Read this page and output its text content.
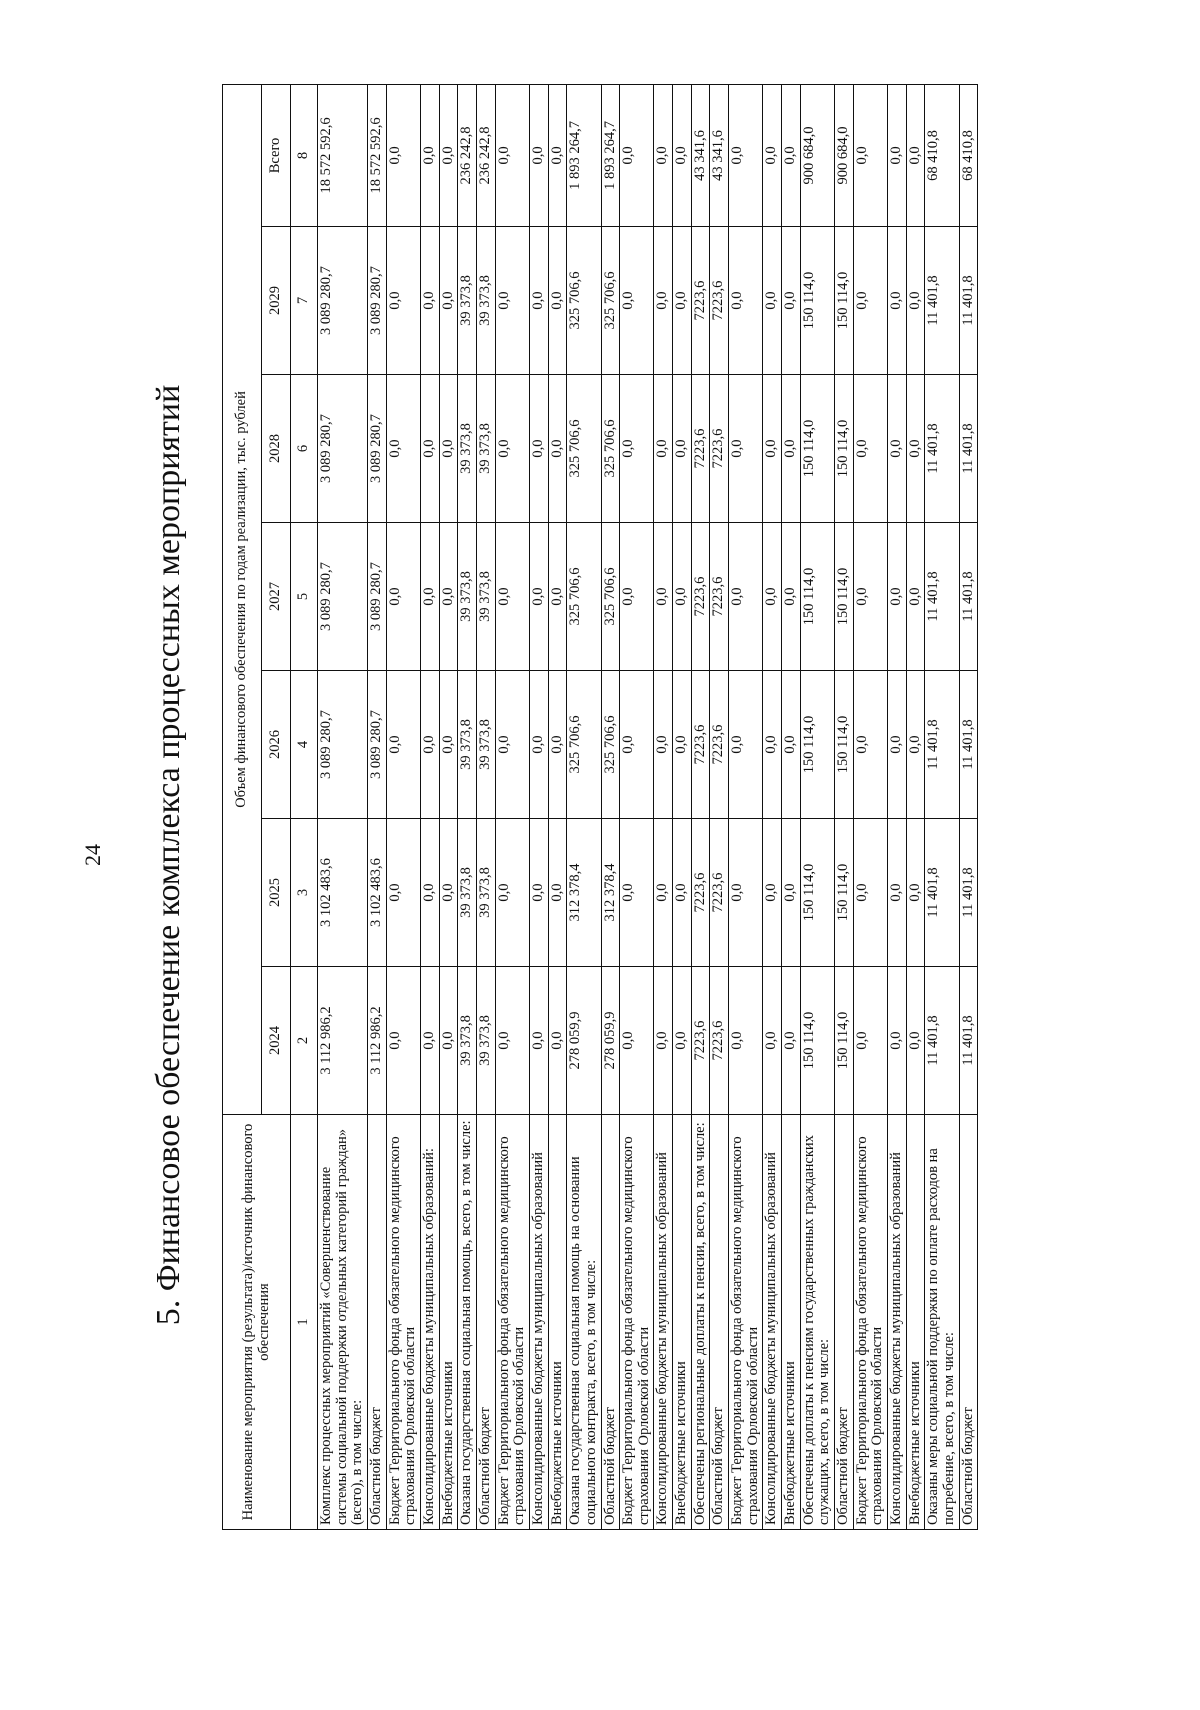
24 5. Финансовое обеспечение комплекса процессных мероприятий	Наименование мероприятия (результата)/источник финансового обеспечения	Объем финансового обеспечения по годам реализации, тыс. рублей						
	2024	2025	2026	2027	2028	2029	Всего
1	2	3	4	5	6	7	8
Комплекс процессных мероприятий «Совершенствование системы социальной поддержки отдельных категорий граждан» (всего), в том числе:	3 112 986,2	3 102 483,6	3 089 280,7	3 089 280,7	3 089 280,7	3 089 280,7	18 572 592,6
Областной бюджет	3 112 986,2	3 102 483,6	3 089 280,7	3 089 280,7	3 089 280,7	3 089 280,7	18 572 592,6
Бюджет Территориального фонда обязательного медицинского страхования Орловской области	0,0	0,0	0,0	0,0	0,0	0,0	0,0
Консолидированные бюджеты муниципальных образований:	0,0	0,0	0,0	0,0	0,0	0,0	0,0
Внебюджетные источники	0,0	0,0	0,0	0,0	0,0	0,0	0,0
Оказана государственная социальная помощь, всего, в том числе:	39 373,8	39 373,8	39 373,8	39 373,8	39 373,8	39 373,8	236 242,8
Областной бюджет	39 373,8	39 373,8	39 373,8	39 373,8	39 373,8	39 373,8	236 242,8
Бюджет Территориального фонда обязательного медицинского страхования Орловской области	0,0	0,0	0,0	0,0	0,0	0,0	0,0
Консолидированные бюджеты муниципальных образований	0,0	0,0	0,0	0,0	0,0	0,0	0,0
Внебюджетные источники	0,0	0,0	0,0	0,0	0,0	0,0	0,0
Оказана государственная социальная помощь на основании социального контракта, всего, в том числе:	278 059,9	312 378,4	325 706,6	325 706,6	325 706,6	325 706,6	1 893 264,7
Областной бюджет	278 059,9	312 378,4	325 706,6	325 706,6	325 706,6	325 706,6	1 893 264,7
Бюджет Территориального фонда обязательного медицинского страхования Орловской области	0,0	0,0	0,0	0,0	0,0	0,0	0,0
Консолидированные бюджеты муниципальных образований	0,0	0,0	0,0	0,0	0,0	0,0	0,0
Внебюджетные источники	0,0	0,0	0,0	0,0	0,0	0,0	0,0
Обеспечены региональные доплаты к пенсии, всего, в том числе:	7223,6	7223,6	7223,6	7223,6	7223,6	7223,6	43 341,6
Областной бюджет	7223,6	7223,6	7223,6	7223,6	7223,6	7223,6	43 341,6
Бюджет Территориального фонда обязательного медицинского страхования Орловской области	0,0	0,0	0,0	0,0	0,0	0,0	0,0
Консолидированные бюджеты муниципальных образований	0,0	0,0	0,0	0,0	0,0	0,0	0,0
Внебюджетные источники	0,0	0,0	0,0	0,0	0,0	0,0	0,0
Обеспечены доплаты к пенсиям государственных гражданских служащих, всего, в том числе:	150 114,0	150 114,0	150 114,0	150 114,0	150 114,0	150 114,0	900 684,0
Областной бюджет	150 114,0	150 114,0	150 114,0	150 114,0	150 114,0	150 114,0	900 684,0
Бюджет Территориального фонда обязательного медицинского страхования Орловской области	0,0	0,0	0,0	0,0	0,0	0,0	0,0
Консолидированные бюджеты муниципальных образований	0,0	0,0	0,0	0,0	0,0	0,0	0,0
Внебюджетные источники	0,0	0,0	0,0	0,0	0,0	0,0	0,0
Оказаны меры социальной поддержки по оплате расходов на погребение, всего, в том числе:	11 401,8	11 401,8	11 401,8	11 401,8	11 401,8	11 401,8	68 410,8
Областной бюджет	11 401,8	11 401,8	11 401,8	11 401,8	11 401,8	11 401,8	68 410,8
